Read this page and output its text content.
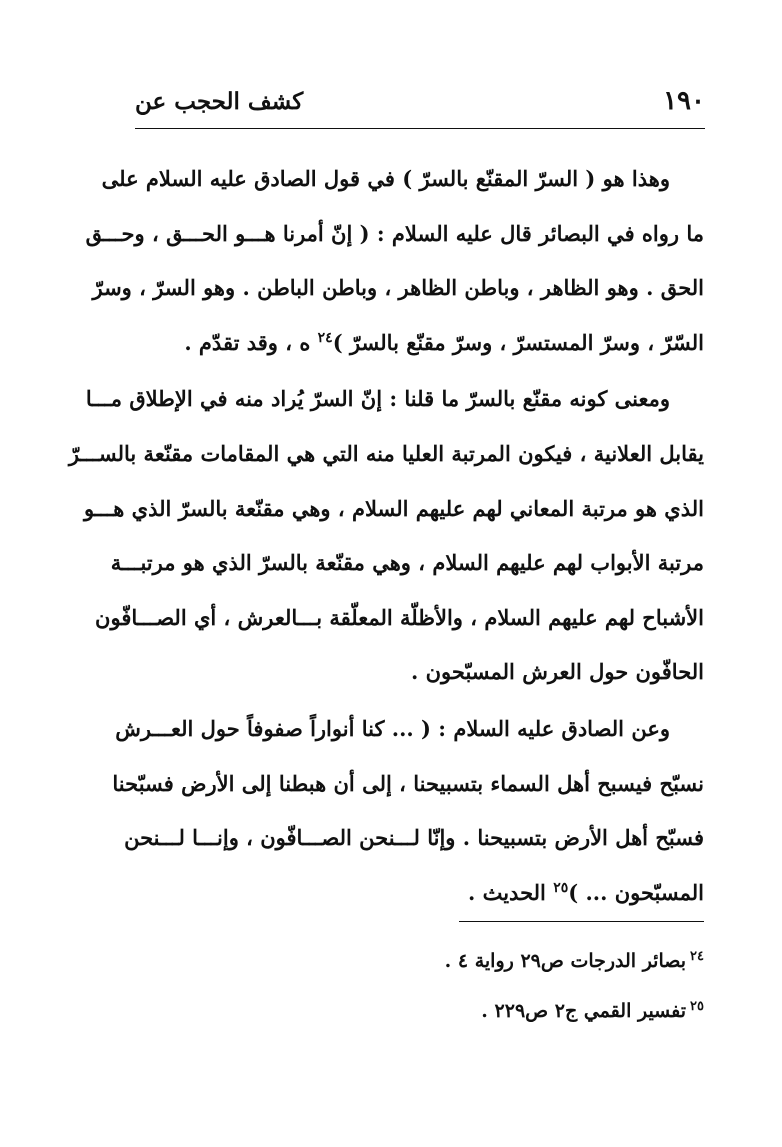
١٩٠
كشف الحجب عن

وهذا هو ( السرّ المقنّع بالسرّ ) في قول الصادق عليه السلام على
ما رواه في البصائر قال عليه السلام : ( إنّ أمرنا هـــو الحـــق ، وحـــق
الحق . وهو الظاهر ، وباطن الظاهر ، وباطن الباطن . وهو السرّ ، وسرّ
السّرّ ، وسرّ المستسرّ ، وسرّ مقنّع بالسرّ )$^{٢٤}$ ه ، وقد تقدّم .

ومعنى كونه مقنّع بالسرّ ما قلنا : إنّ السرّ يُراد منه في الإطلاق مـــا
يقابل العلانية ، فيكون المرتبة العليا منه التي هي المقامات مقنّعة بالســـرّ
الذي هو مرتبة المعاني لهم عليهم السلام ، وهي مقنّعة بالسرّ الذي هـــو
مرتبة الأبواب لهم عليهم السلام ، وهي مقنّعة بالسرّ الذي هو مرتبـــة
الأشباح لهم عليهم السلام ، والأظلّة المعلّقة بـــالعرش ، أي الصـــافّون
الحافّون حول العرش المسبّحون .

وعن الصادق عليه السلام : ( ... كنا أنواراً صفوفاً حول العـــرش
نسبّح فيسبح أهل السماء بتسبيحنا ، إلى أن هبطنا إلى الأرض فسبّحنا
فسبّح أهل الأرض بتسبيحنا . وإنّا لـــنحن الصـــافّون ، وإنـــا لـــنحن
المسبّحون ... )$^{٢٥}$ الحديث .

$^{٢٤}$بصائر الدرجات ص٢٩ رواية ٤ .
$^{٢٥}$تفسير القمي ج٢ ص٢٢٩ .
